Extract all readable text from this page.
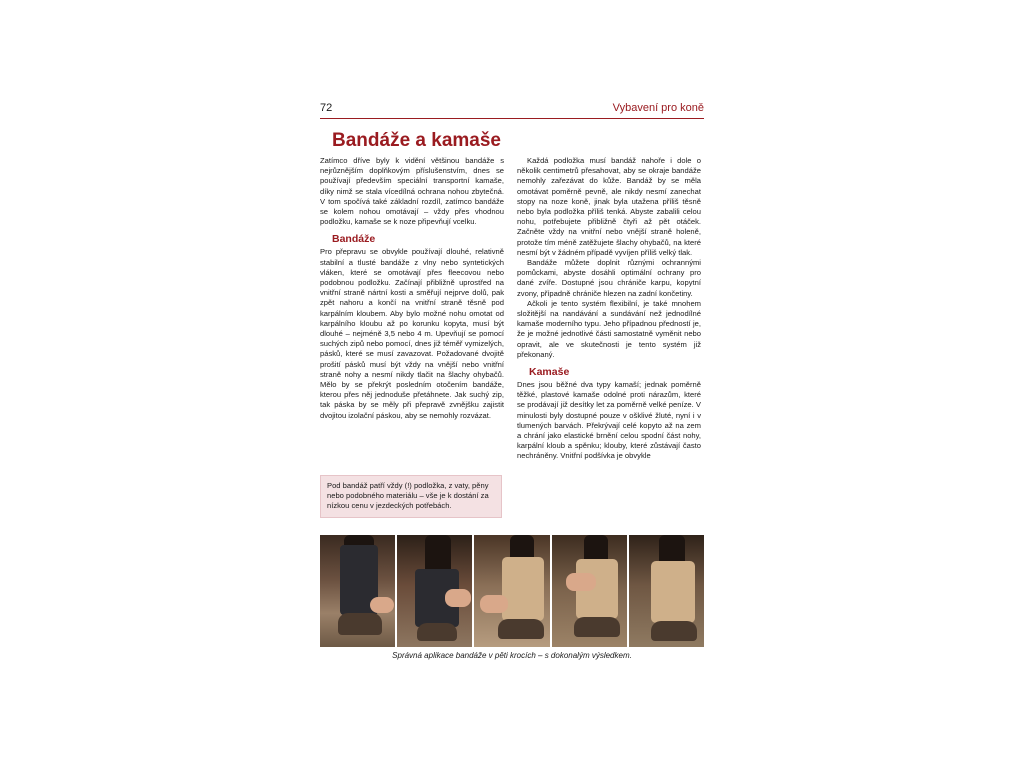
72	Vybavení pro koně
Bandáže a kamaše

Zatímco dříve byly k vidění většinou bandáže s nejrůznějším doplňkovým příslušenstvím, dnes se používají především speciální transportní kamaše, díky nimž se stala vícedílná ochrana nohou zbytečná. V tom spočívá také základní rozdíl, zatímco bandáže se kolem nohou omotávají – vždy přes vhodnou podložku, kamaše se k noze připevňují vcelku.

Bandáže

Pro přepravu se obvykle používají dlouhé, relativně stabilní a tlusté bandáže z vlny nebo syntetických vláken, které se omotávají přes fleecovou nebo podobnou podložku. Začínají přibližně uprostřed na vnitřní straně nártní kosti a směřují nejprve dolů, pak zpět nahoru a končí na vnitřní straně těsně pod karpálním kloubem. Aby bylo možné nohu omotat od karpálního kloubu až po korunku kopyta, musí být dlouhé – nejméně 3,5 nebo 4 m. Upevňují se pomocí suchých zipů nebo pomocí, dnes již téměř vymizelých, pásků, které se musí zavazovat. Požadované dvojitě prošití pásků musí být vždy na vnější nebo vnitřní straně nohy a nesmí nikdy tlačit na šlachy ohybačů. Mělo by se překrýt posledním otočením bandáže, kterou přes něj jednoduše přetáhnete. Jak suchý zip, tak páska by se měly při přepravě zvnějšku zajistit dvojitou izolační páskou, aby se nemohly rozvázat.

Pod bandáž patří vždy (!) podložka, z vaty, pěny nebo podobného materiálu – vše je k dostání za nízkou cenu v jezdeckých potřebách.

Každá podložka musí bandáž nahoře i dole o několik centimetrů přesahovat, aby se okraje bandáže nemohly zařezávat do kůže. Bandáž by se měla omotávat poměrně pevně, ale nikdy nesmí zanechat stopy na noze koně, jinak byla utažena příliš těsně nebo byla podložka příliš tenká. Abyste zabalili celou nohu, potřebujete přibližně čtyři až pět otáček. Začněte vždy na vnitřní nebo vnější straně holeně, protože tím méně zatěžujete šlachy ohybačů, na které nesmí být v žádném případě vyvíjen příliš velký tlak.

Bandáže můžete doplnit různými ochrannými pomůckami, abyste dosáhli optimální ochrany pro dané zvíře. Dostupné jsou chrániče karpu, kopytní zvony, případně chrániče hlezen na zadní končetiny.

Ačkoli je tento systém flexibilní, je také mnohem složitější na nandávání a sundávání než jednodílné kamaše moderního typu. Jeho případnou předností je, že je možné jednotlivé části samostatně vyměnit nebo opravit, ale ve skutečnosti je tento systém již překonaný.

Kamaše

Dnes jsou běžné dva typy kamaší; jednak poměrně těžké, plastové kamaše odolné proti nárazům, které se prodávají již desítky let za poměrně velké peníze. V minulosti byly dostupné pouze v ošklivé žluté, nyní i v tlumených barvách. Překrývají celé kopyto až na zem a chrání jako elastické brnění celou spodní část nohy, karpální kloub a spěnku; klouby, které zůstávají často nechráněny. Vnitřní podšívka je obvykle

Správná aplikace bandáže v pěti krocích – s dokonalým výsledkem.
